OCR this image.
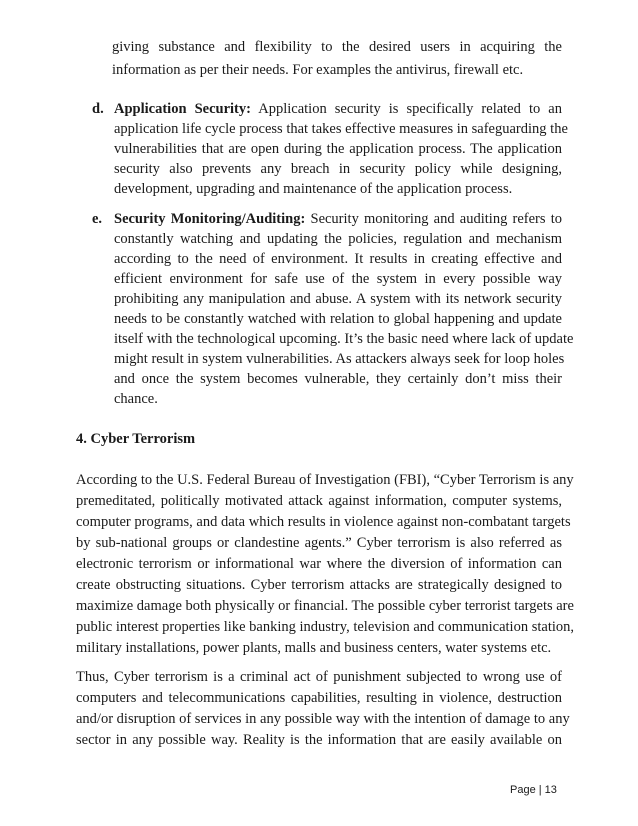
giving substance and flexibility to the desired users in acquiring the
information as per their needs. For examples the antivirus, firewall etc.
d. Application Security: Application security is specifically related to an
application life cycle process that takes effective measures in safeguarding the
vulnerabilities that are open during the application process. The application
security also prevents any breach in security policy while designing,
development, upgrading and maintenance of the application process.
e. Security Monitoring/Auditing: Security monitoring and auditing refers to
constantly watching and updating the policies, regulation and mechanism
according to the need of environment. It results in creating effective and
efficient environment for safe use of the system in every possible way
prohibiting any manipulation and abuse. A system with its network security
needs to be constantly watched with relation to global happening and update
itself with the technological upcoming. It’s the basic need where lack of update
might result in system vulnerabilities. As attackers always seek for loop holes
and once the system becomes vulnerable, they certainly don’t miss their
chance.
4. Cyber Terrorism
According to the U.S. Federal Bureau of Investigation (FBI), “Cyber Terrorism is any
premeditated, politically motivated attack against information, computer systems,
computer programs, and data which results in violence against non-combatant targets
by sub-national groups or clandestine agents.” Cyber terrorism is also referred as
electronic terrorism or informational war where the diversion of information can
create obstructing situations. Cyber terrorism attacks are strategically designed to
maximize damage both physically or financial. The possible cyber terrorist targets are
public interest properties like banking industry, television and communication station,
military installations, power plants, malls and business centers, water systems etc.
Thus, Cyber terrorism is a criminal act of punishment subjected to wrong use of
computers and telecommunications capabilities, resulting in violence, destruction
and/or disruption of services in any possible way with the intention of damage to any
sector in any possible way. Reality is the information that are easily available on
Page | 13
